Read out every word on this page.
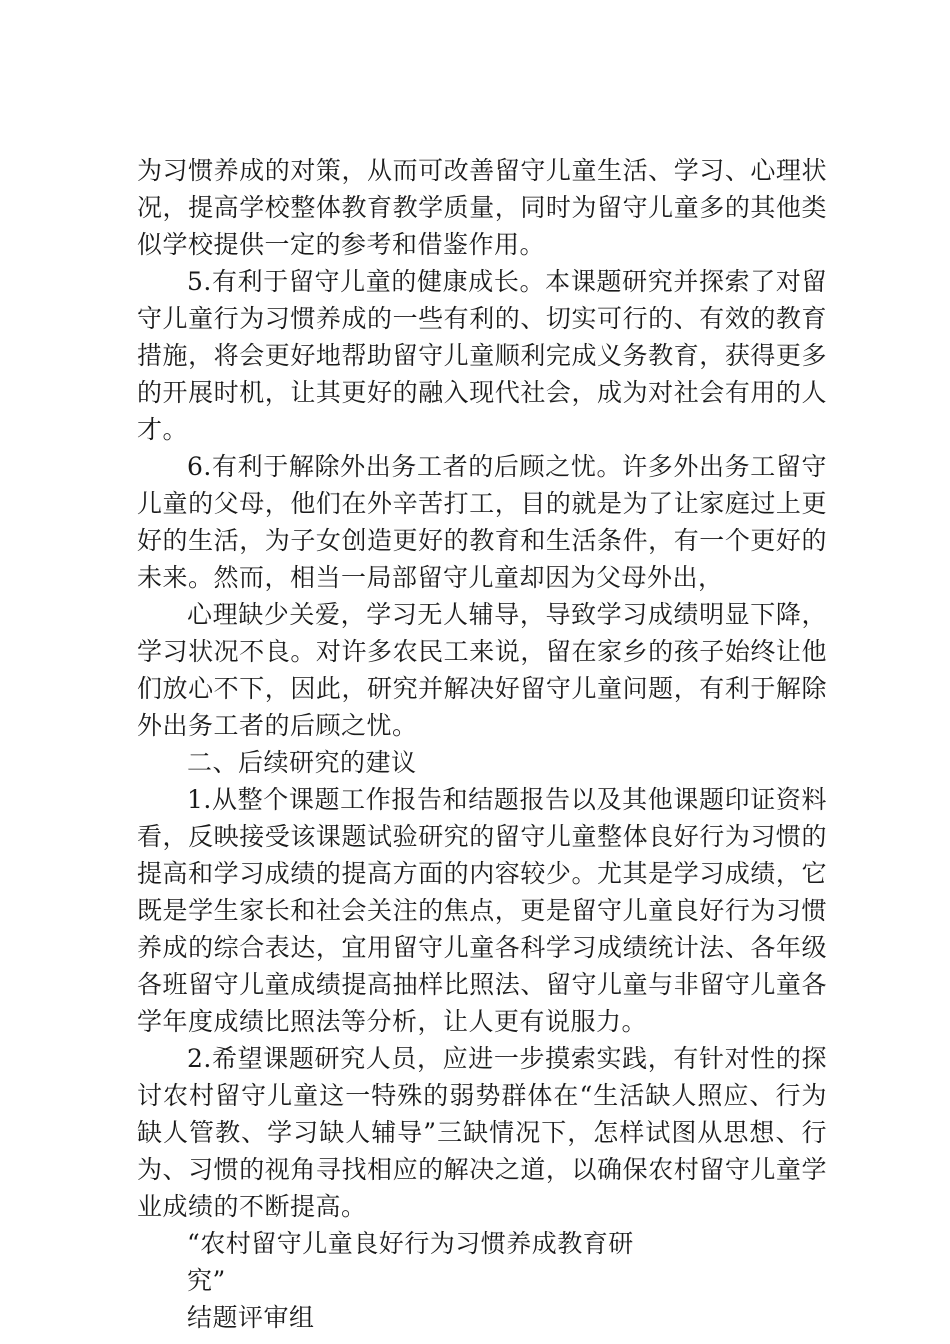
为习惯养成的对策，从而可改善留守儿童生活、学习、心理状
况，提高学校整体教育教学质量，同时为留守儿童多的其他类
似学校提供一定的参考和借鉴作用。
5.有利于留守儿童的健康成长。本课题研究并探索了对留
守儿童行为习惯养成的一些有利的、切实可行的、有效的教育
措施，将会更好地帮助留守儿童顺利完成义务教育，获得更多
的开展时机，让其更好的融入现代社会，成为对社会有用的人
才。
6.有利于解除外出务工者的后顾之忧。许多外出务工留守
儿童的父母，他们在外辛苦打工，目的就是为了让家庭过上更
好的生活，为子女创造更好的教育和生活条件，有一个更好的
未来。然而，相当一局部留守儿童却因为父母外出，
心理缺少关爱，学习无人辅导，导致学习成绩明显下降，
学习状况不良。对许多农民工来说，留在家乡的孩子始终让他
们放心不下，因此，研究并解决好留守儿童问题，有利于解除
外出务工者的后顾之忧。
二、后续研究的建议
1.从整个课题工作报告和结题报告以及其他课题印证资料
看，反映接受该课题试验研究的留守儿童整体良好行为习惯的
提高和学习成绩的提高方面的内容较少。尤其是学习成绩，它
既是学生家长和社会关注的焦点，更是留守儿童良好行为习惯
养成的综合表达，宜用留守儿童各科学习成绩统计法、各年级
各班留守儿童成绩提高抽样比照法、留守儿童与非留守儿童各
学年度成绩比照法等分析，让人更有说服力。
2.希望课题研究人员，应进一步摸索实践，有针对性的探
讨农村留守儿童这一特殊的弱势群体在“生活缺人照应、行为
缺人管教、学习缺人辅导”三缺情况下，怎样试图从思想、行
为、习惯的视角寻找相应的解决之道，以确保农村留守儿童学
业成绩的不断提高。
“农村留守儿童良好行为习惯养成教育研
究”
结题评审组
